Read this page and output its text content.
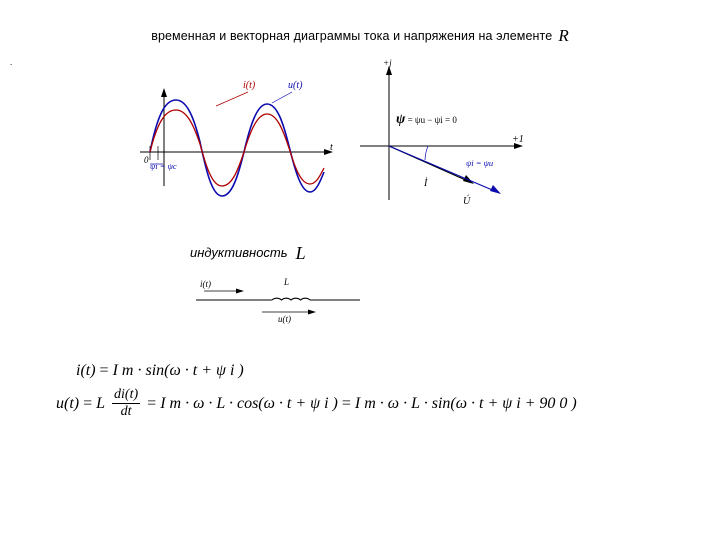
временная и векторная диаграммы тока и напряжения на элементе R
.
i(t)	u(t)
t
0
ψi = ψc
+j
+1
ψ = ψu − ψi = 0
İ
Ú
ψi = ψu
индуктивность L
i(t)	L
u(t)
i(t) = I m · sin(ω · t + ψ i )
u(t) = L $\frac{di(t)}{dt} = I$ m · ω · L · cos(ω · t + ψ i ) = I m · ω · L · sin(ω · t + ψ i + 90 0 )
